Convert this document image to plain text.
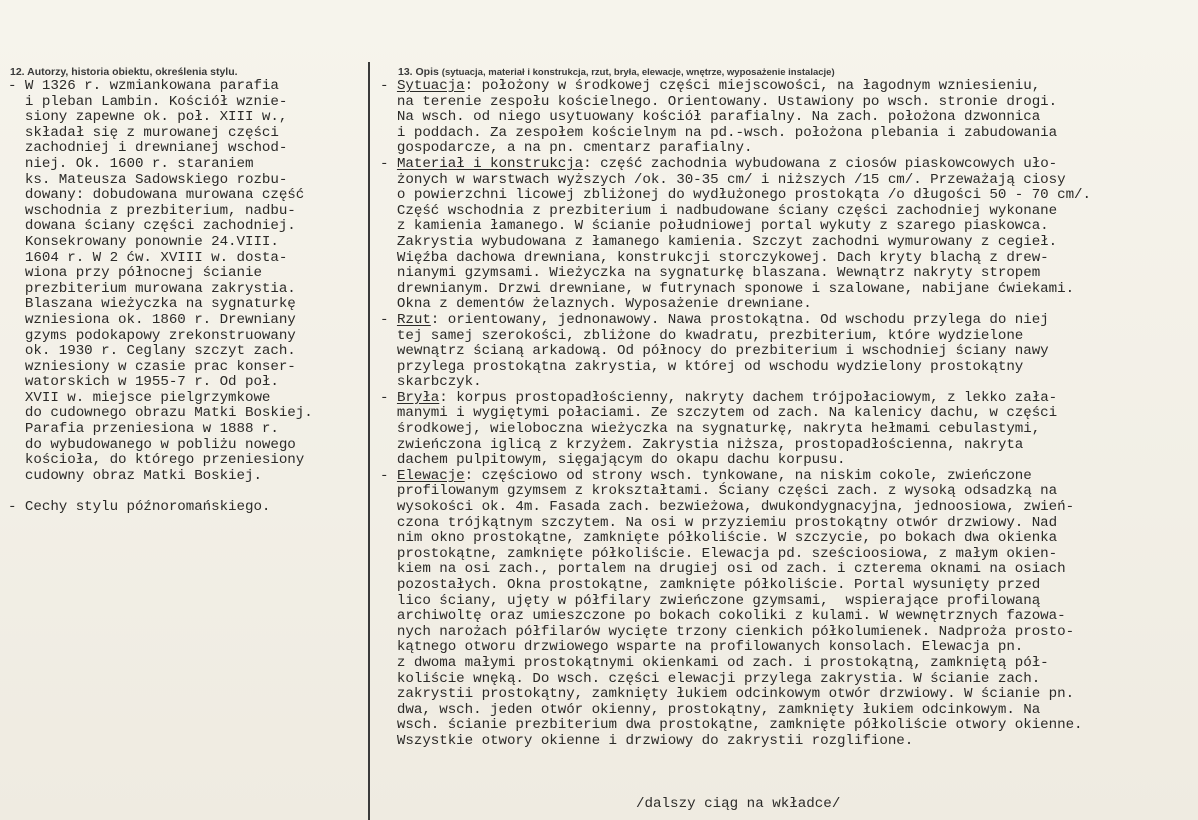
12. Autorzy, historia obiektu, określenia stylu.	13. Opis (sytuacja, materiał i konstrukcja, rzut, bryła, elewacje, wnętrze, wyposażenie instalacje)
- W 1326 r. wzmiankowana parafia
i pleban Lambin. Kościół wznie-
siony zapewne ok. poł. XIII w.,
składał się z murowanej części
zachodniej i drewnianej wschod-
niej. Ok. 1600 r. staraniem
ks. Mateusza Sadowskiego rozbu-
dowany: dobudowana murowana część
wschodnia z prezbiterium, nadbu-
dowana ściany części zachodniej.
Konsekrowany ponownie 24.VIII.
1604 r. W 2 ćw. XVIII w. dosta-
wiona przy północnej ścianie
prezbiterium murowana zakrystia.
Blaszana wieżyczka na sygnaturkę
wzniesiona ok. 1860 r. Drewniany
gzyms podokapowy zrekonstruowany
ok. 1930 r. Ceglany szczyt zach.
wzniesiony w czasie prac konser-
watorskich w 1955-7 r. Od poł.
XVII w. miejsce pielgrzymkowe
do cudownego obrazu Matki Boskiej.
Parafia przeniesiona w 1888 r.
do wybudowanego w pobliżu nowego
kościoła, do którego przeniesiony
cudowny obraz Matki Boskiej.
- Cechy stylu późnoromańskiego.
- Sytuacja: położony w środkowej części miejscowości, na łagodnym wzniesieniu,
na terenie zespołu kościelnego. Orientowany. Ustawiony po wsch. stronie drogi.
Na wsch. od niego usytuowany kościół parafialny. Na zach. położona dzwonnica
i poddach. Za zespołem kościelnym na pd.-wsch. położona plebania i zabudowania
gospodarcze, a na pn. cmentarz parafialny.
- Materiał i konstrukcja: część zachodnia wybudowana z ciosów piaskowcowych uło-
żonych w warstwach wyższych /ok. 30-35 cm/ i niższych /15 cm/. Przeważają ciosy
o powierzchni licowej zbliżonej do wydłużonego prostokąta /o długości 50 - 70 cm/.
Część wschodnia z prezbiterium i nadbudowane ściany części zachodniej wykonane
z kamienia łamanego. W ścianie południowej portal wykuty z szarego piaskowca.
Zakrystia wybudowana z łamanego kamienia. Szczyt zachodni wymurowany z cegieł.
Więźba dachowa drewniana, konstrukcji storczykowej. Dach kryty blachą z drew-
nianymi gzymsami. Wieżyczka na sygnaturkę blaszana. Wewnątrz nakryty stropem
drewnianym. Drzwi drewniane, w futrynach sponowe i szalowane, nabijane ćwiekami.
Okna z dementów żelaznych. Wyposażenie drewniane.
- Rzut: orientowany, jednonawowy. Nawa prostokątna. Od wschodu przylega do niej
tej samej szerokości, zbliżone do kwadratu, prezbiterium, które wydzielone
wewnątrz ścianą arkadową. Od północy do prezbiterium i wschodniej ściany nawy
przylega prostokątna zakrystia, w której od wschodu wydzielony prostokątny
skarbczyk.
- Bryła: korpus prostopadłościenny, nakryty dachem trójpołaciowym, z lekko zała-
manymi i wygiętymi połaciami. Ze szczytem od zach. Na kalenicy dachu, w części
środkowej, wieloboczna wieżyczka na sygnaturkę, nakryta hełmami cebulastymi,
zwieńczona iglicą z krzyżem. Zakrystia niższa, prostopadłościenna, nakryta
dachem pulpitowym, sięgającym do okapu dachu korpusu.
- Elewacje: częściowo od strony wsch. tynkowane, na niskim cokole, zwieńczone
profilowanym gzymsem z krokształtami. Ściany części zach. z wysoką odsadzką na
wysokości ok. 4m. Fasada zach. bezwieżowa, dwukondygnacyjna, jednoosiowa, zwień-
czona trójkątnym szczytem. Na osi w przyziemiu prostokątny otwór drzwiowy. Nad
nim okno prostokątne, zamknięte półkoliście. W szczycie, po bokach dwa okienka
prostokątne, zamknięte półkoliście. Elewacja pd. sześcioosiowa, z małym okien-
kiem na osi zach., portalem na drugiej osi od zach. i czterema oknami na osiach
pozostałych. Okna prostokątne, zamknięte półkoliście. Portal wysunięty przed
lico ściany, ujęty w półfilary zwieńczone gzymsami,  wspierające profilowaną
archiwoltę oraz umieszczone po bokach cokoliki z kulami. W wewnętrznych fazowa-
nych narożach półfilarów wycięte trzony cienkich półkolumienek. Nadproża prosto-
kątnego otworu drzwiowego wsparte na profilowanych konsolach. Elewacja pn.
z dwoma małymi prostokątnymi okienkami od zach. i prostokątną, zamkniętą pół-
koliście wnęką. Do wsch. części elewacji przylega zakrystia. W ścianie zach.
zakrystii prostokątny, zamknięty łukiem odcinkowym otwór drzwiowy. W ścianie pn.
dwa, wsch. jeden otwór okienny, prostokątny, zamknięty łukiem odcinkowym. Na
wsch. ścianie prezbiterium dwa prostokątne, zamknięte półkoliście otwory okienne.
Wszystkie otwory okienne i drzwiowy do zakrystii rozglifione.
/dalszy ciąg na wkładce/
